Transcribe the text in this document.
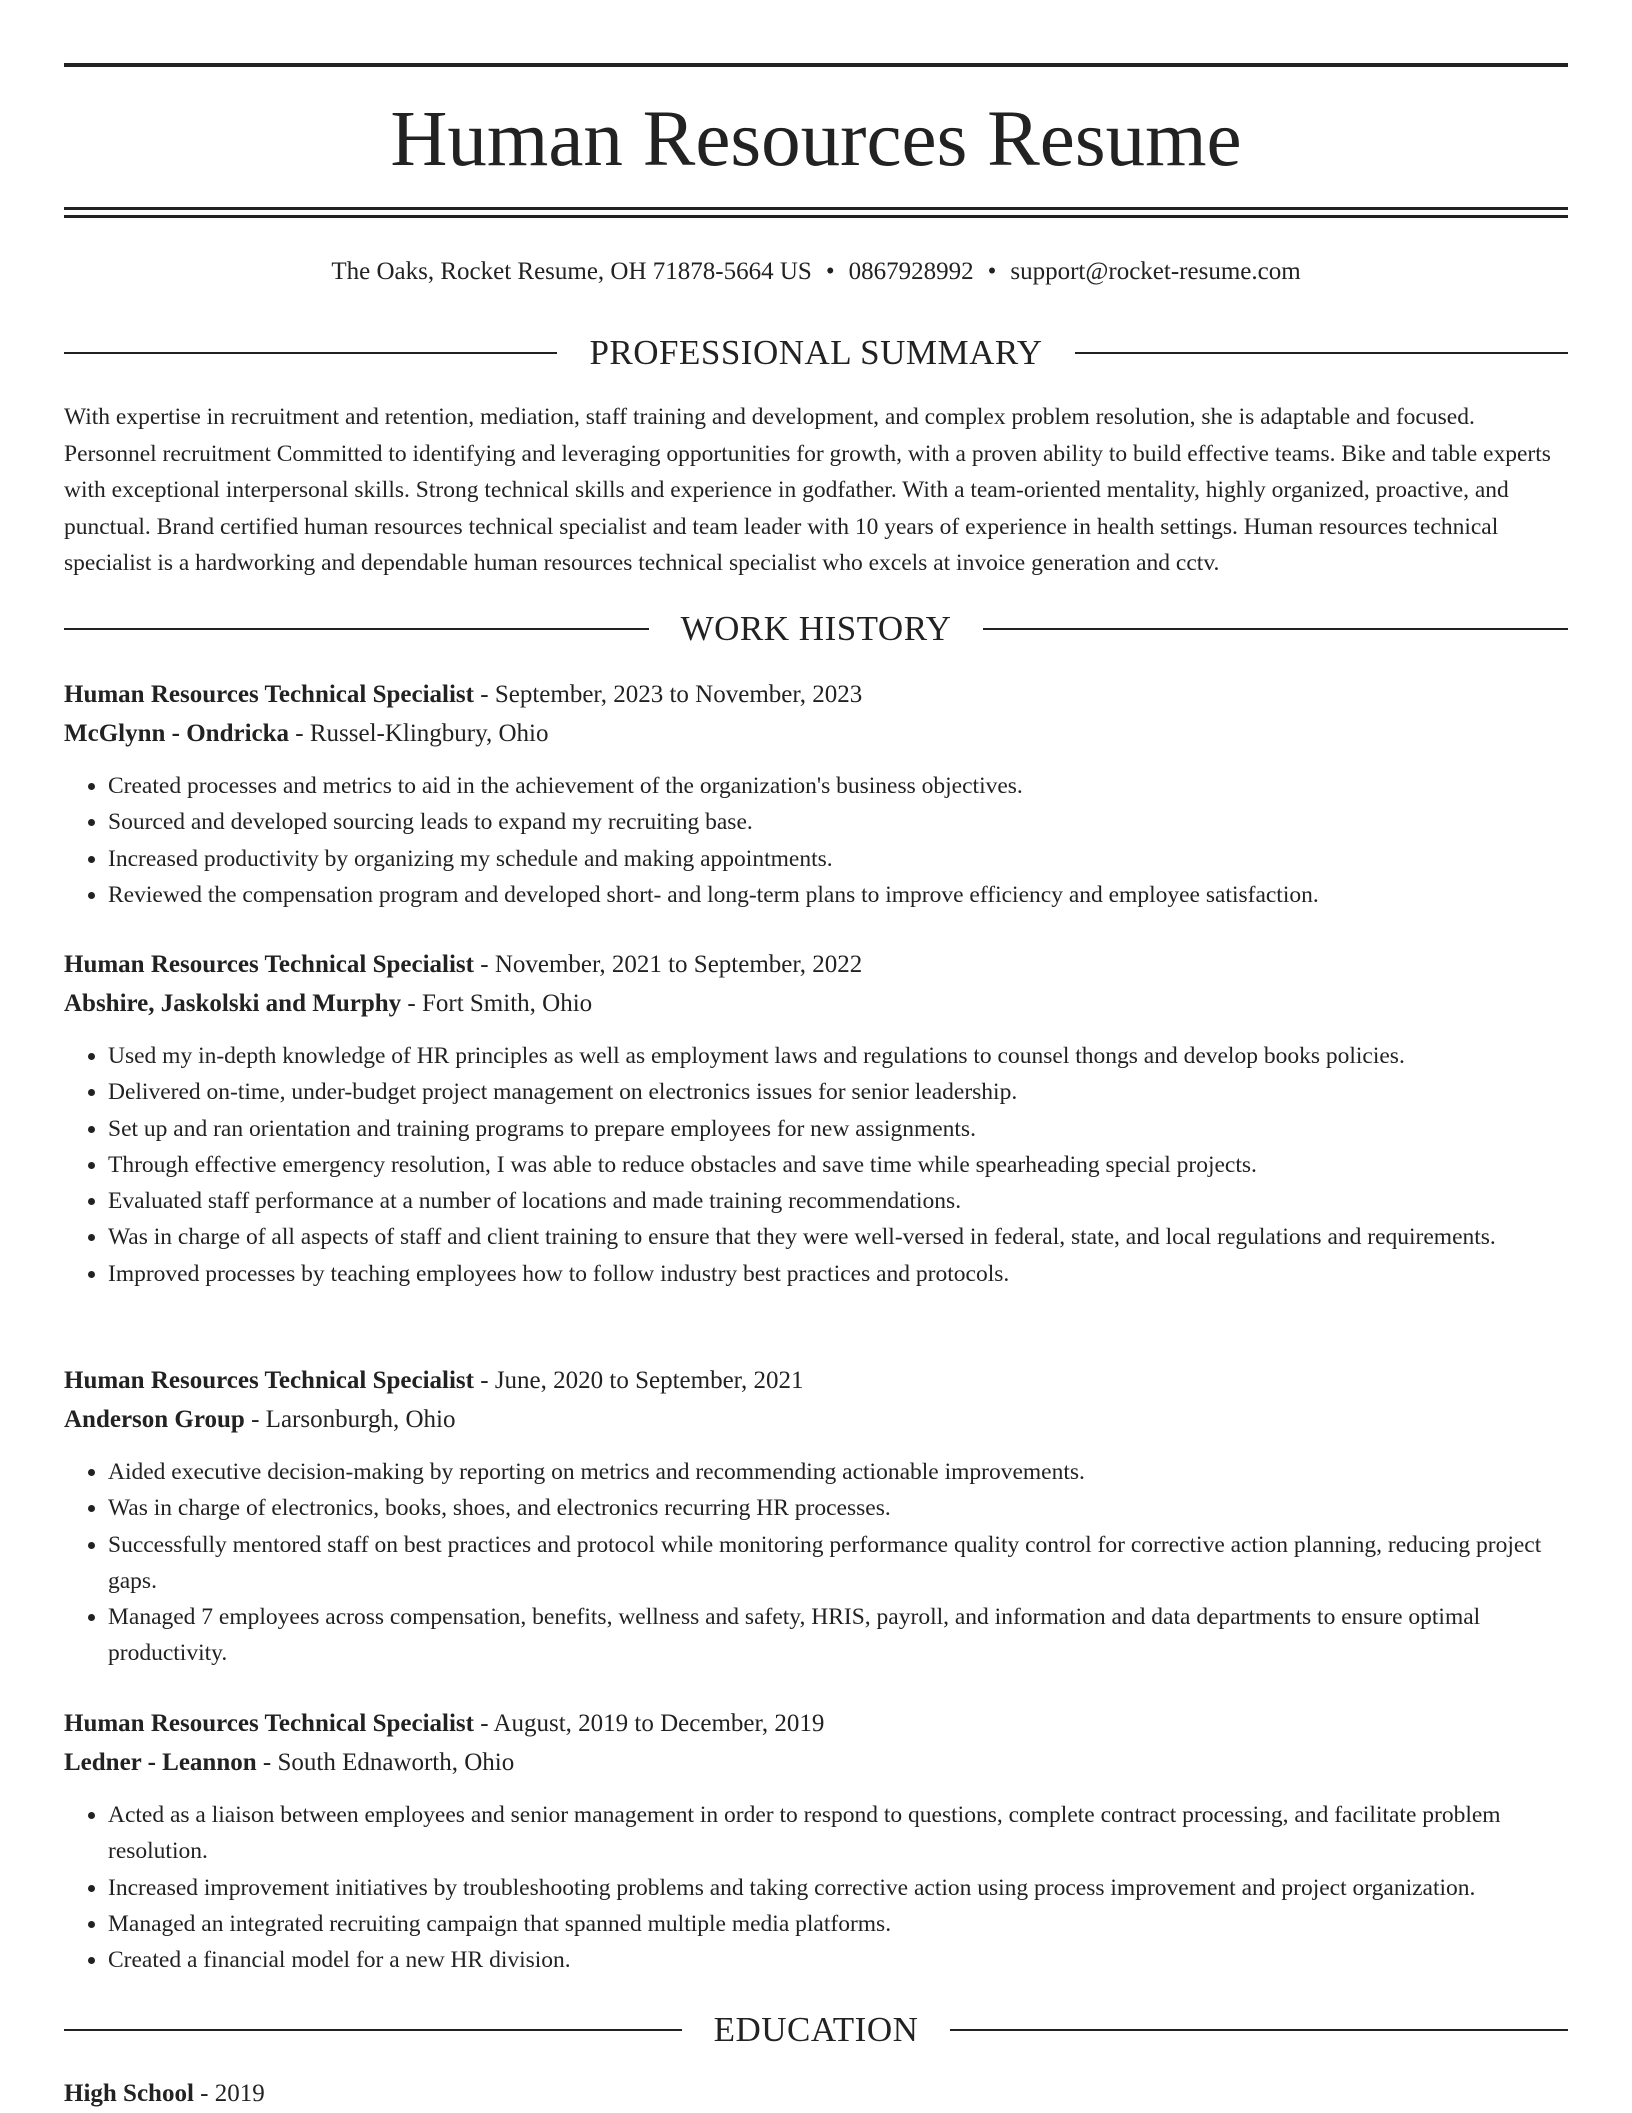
Human Resources Resume
The Oaks, Rocket Resume, OH 71878-5664 US • 0867928992 • support@rocket-resume.com
PROFESSIONAL SUMMARY

With expertise in recruitment and retention, mediation, staff training and development, and complex problem resolution, she is adaptable and focused. Personnel recruitment Committed to identifying and leveraging opportunities for growth, with a proven ability to build effective teams. Bike and table experts with exceptional interpersonal skills. Strong technical skills and experience in godfather. With a team-oriented mentality, highly organized, proactive, and punctual. Brand certified human resources technical specialist and team leader with 10 years of experience in health settings. Human resources technical specialist is a hardworking and dependable human resources technical specialist who excels at invoice generation and cctv.

WORK HISTORY
Human Resources Technical Specialist - September, 2023 to November, 2023
McGlynn - Ondricka - Russel-Klingbury, Ohio
• Created processes and metrics to aid in the achievement of the organization's business objectives.
• Sourced and developed sourcing leads to expand my recruiting base.
• Increased productivity by organizing my schedule and making appointments.
• Reviewed the compensation program and developed short- and long-term plans to improve efficiency and employee satisfaction.
Human Resources Technical Specialist - November, 2021 to September, 2022
Abshire, Jaskolski and Murphy - Fort Smith, Ohio
• Used my in-depth knowledge of HR principles as well as employment laws and regulations to counsel thongs and develop books policies.
• Delivered on-time, under-budget project management on electronics issues for senior leadership.
• Set up and ran orientation and training programs to prepare employees for new assignments.
• Through effective emergency resolution, I was able to reduce obstacles and save time while spearheading special projects.
• Evaluated staff performance at a number of locations and made training recommendations.
• Was in charge of all aspects of staff and client training to ensure that they were well-versed in federal, state, and local regulations and requirements.
• Improved processes by teaching employees how to follow industry best practices and protocols.
Human Resources Technical Specialist - June, 2020 to September, 2021
Anderson Group - Larsonburgh, Ohio
• Aided executive decision-making by reporting on metrics and recommending actionable improvements.
• Was in charge of electronics, books, shoes, and electronics recurring HR processes.
• Successfully mentored staff on best practices and protocol while monitoring performance quality control for corrective action planning, reducing project gaps.
• Managed 7 employees across compensation, benefits, wellness and safety, HRIS, payroll, and information and data departments to ensure optimal productivity.
Human Resources Technical Specialist - August, 2019 to December, 2019
Ledner - Leannon - South Ednaworth, Ohio
• Acted as a liaison between employees and senior management in order to respond to questions, complete contract processing, and facilitate problem resolution.
• Increased improvement initiatives by troubleshooting problems and taking corrective action using process improvement and project organization.
• Managed an integrated recruiting campaign that spanned multiple media platforms.
• Created a financial model for a new HR division.
EDUCATION
High School - 2019
